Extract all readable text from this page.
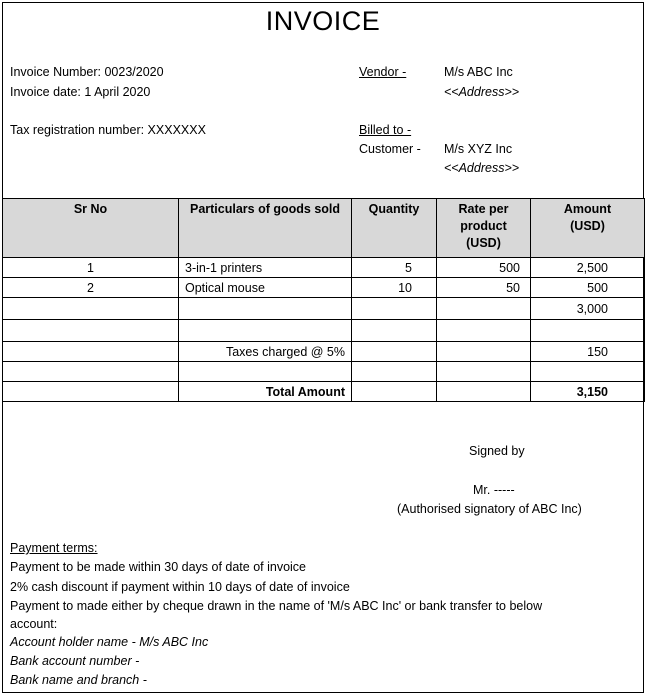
INVOICE
Invoice Number: 0023/2020
Invoice date: 1 April 2020
Tax registration number: XXXXXXX
Vendor -	M/s ABC Inc
<<Address>>
Billed to -
Customer - M/s XYZ Inc
<<Address>>
Sr No	Particulars of goods sold	Quantity	Rate per product (USD)	Amount (USD)

1	3-in-1 printers	5	500	2,500
2	Optical mouse	10	50	500
				3,000

	Taxes charged @ 5%			150

	Total Amount			3,150
Signed by
Mr. -----
(Authorised signatory of ABC Inc)
Payment terms:
Payment to be made within 30 days of date of invoice
2% cash discount if payment within 10 days of date of invoice
Payment to made either by cheque drawn in the name of 'M/s ABC Inc' or bank transfer to below
account:
Account holder name - M/s ABC Inc
Bank account number -
Bank name and branch -
